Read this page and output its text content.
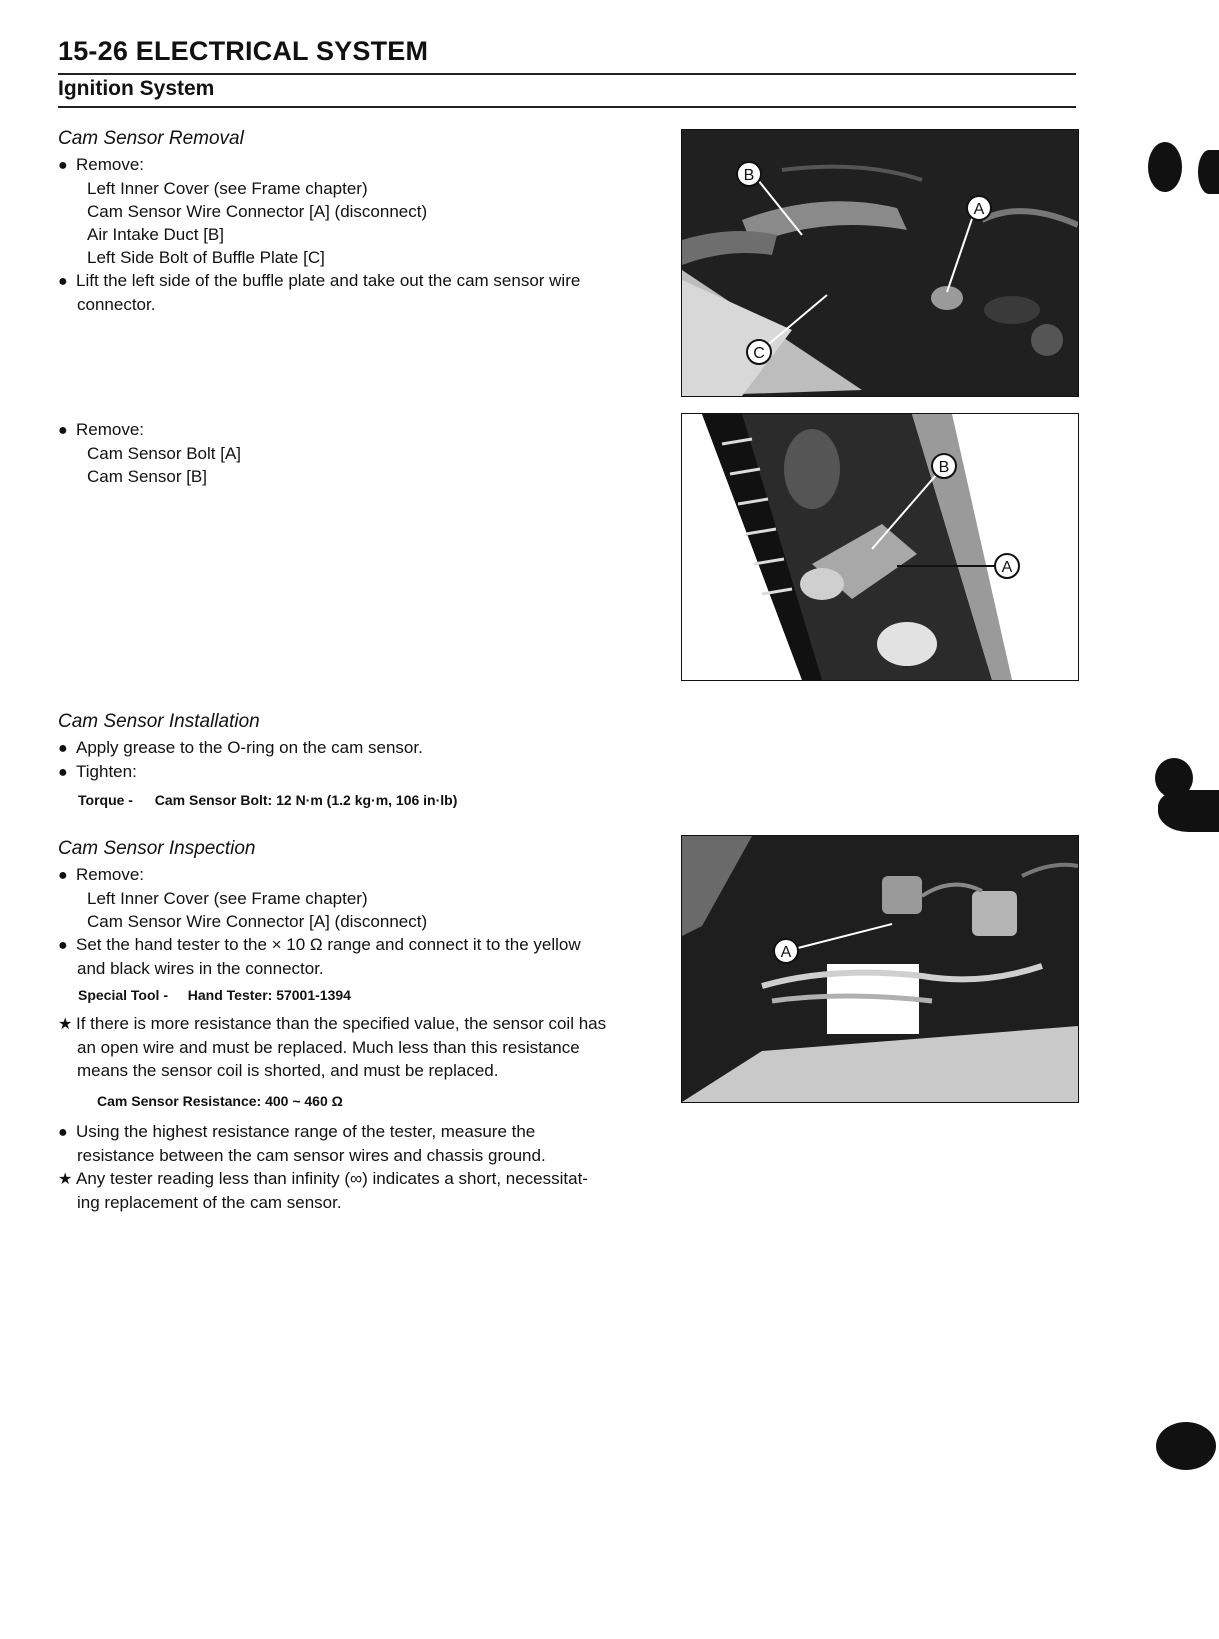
15-26 ELECTRICAL SYSTEM
Ignition System
Cam Sensor Removal
● Remove:
Left Inner Cover (see Frame chapter)
Cam Sensor Wire Connector [A] (disconnect)
Air Intake Duct [B]
Left Side Bolt of Buffle Plate [C]
● Lift the left side of the buffle plate and take out the cam sensor wire
connector.
● Remove:
Cam Sensor Bolt [A]
Cam Sensor [B]
Cam Sensor Installation
● Apply grease to the O-ring on the cam sensor.
● Tighten:
Torque - Cam Sensor Bolt: 12 N·m (1.2 kg·m, 106 in·lb)
Cam Sensor Inspection
● Remove:
Left Inner Cover (see Frame chapter)
Cam Sensor Wire Connector [A] (disconnect)
● Set the hand tester to the × 10 Ω range and connect it to the yellow
and black wires in the connector.
Special Tool - Hand Tester: 57001-1394
★ If there is more resistance than the specified value, the sensor coil has
an open wire and must be replaced. Much less than this resistance
means the sensor coil is shorted, and must be replaced.
Cam Sensor Resistance: 400 ~ 460 Ω
● Using the highest resistance range of the tester, measure the
resistance between the cam sensor wires and chassis ground.
★ Any tester reading less than infinity (∞) indicates a short, necessitat-
ing replacement of the cam sensor.
B
A
C
B
A
A
